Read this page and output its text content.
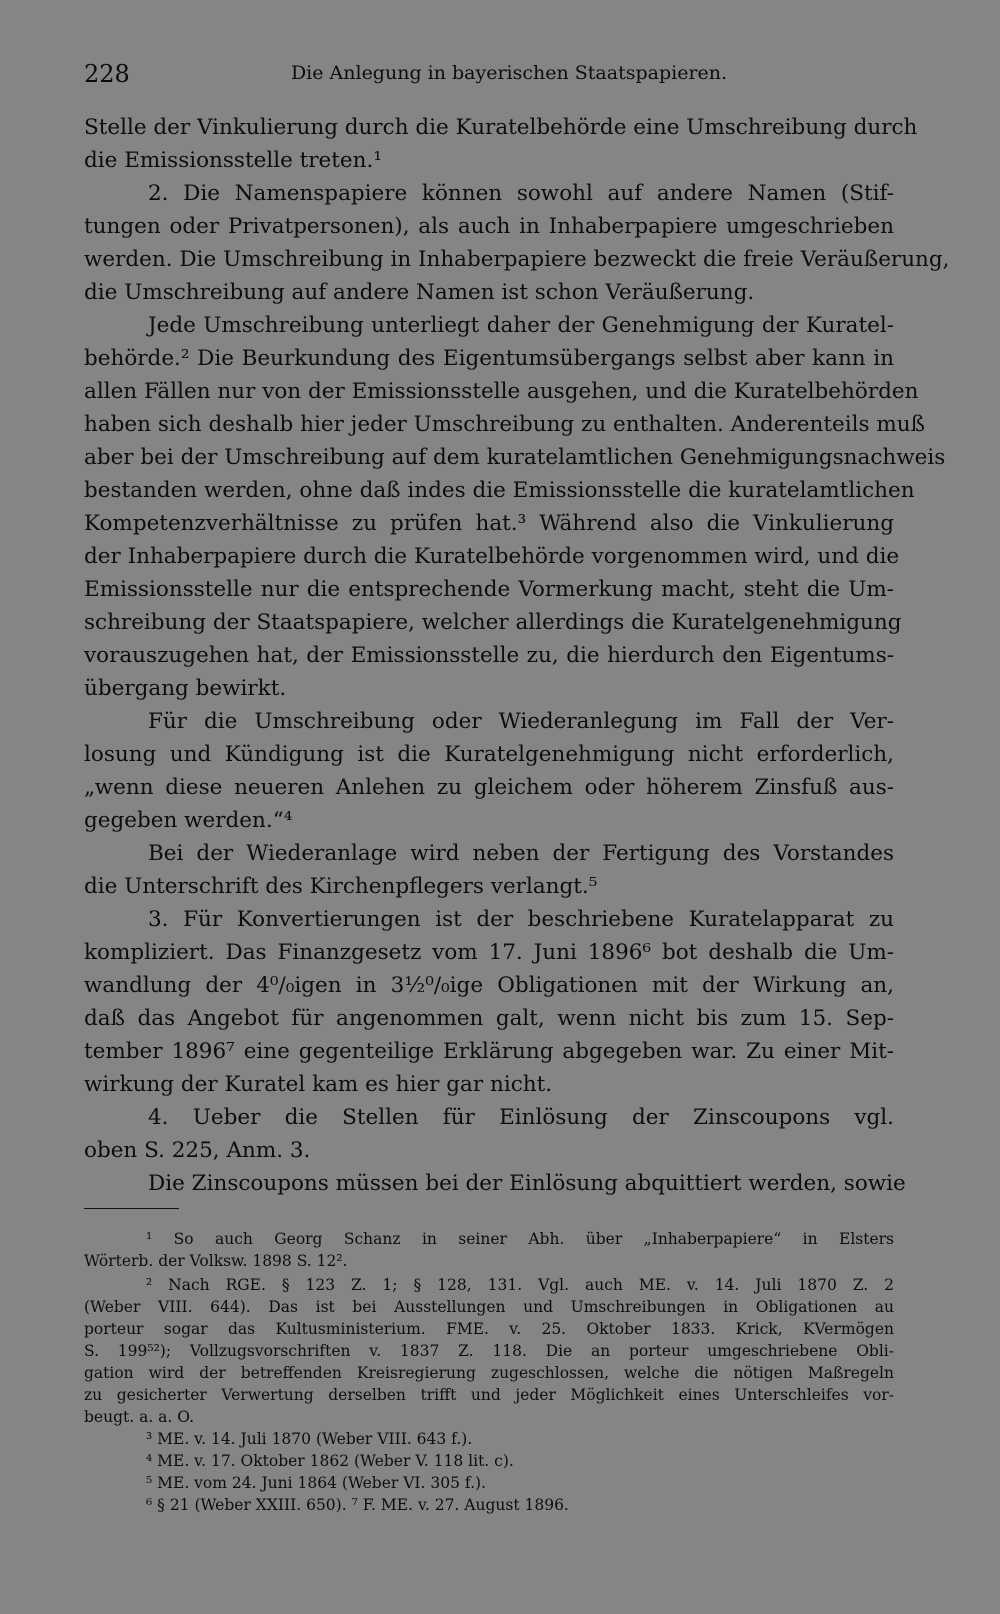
228	Die Anlegung in bayerischen Staatspapieren.
Stelle der Vinkulierung durch die Kuratelbehörde eine Umschreibung durch
die Emissionsstelle treten.¹
2. Die Namenspapiere können sowohl auf andere Namen (Stif-
tungen oder Privatpersonen), als auch in Inhaberpapiere umgeschrieben
werden. Die Umschreibung in Inhaberpapiere bezweckt die freie Veräußerung,
die Umschreibung auf andere Namen ist schon Veräußerung.
Jede Umschreibung unterliegt daher der Genehmigung der Kuratel-
behörde.² Die Beurkundung des Eigentumsübergangs selbst aber kann in
allen Fällen nur von der Emissionsstelle ausgehen, und die Kuratelbehörden
haben sich deshalb hier jeder Umschreibung zu enthalten. Anderenteils muß
aber bei der Umschreibung auf dem kuratelamtlichen Genehmigungsnachweis
bestanden werden, ohne daß indes die Emissionsstelle die kuratelamtlichen
Kompetenzverhältnisse zu prüfen hat.³ Während also die Vinkulierung
der Inhaberpapiere durch die Kuratelbehörde vorgenommen wird, und die
Emissionsstelle nur die entsprechende Vormerkung macht, steht die Um-
schreibung der Staatspapiere, welcher allerdings die Kuratelgenehmigung
vorauszugehen hat, der Emissionsstelle zu, die hierdurch den Eigentums-
übergang bewirkt.
Für die Umschreibung oder Wiederanlegung im Fall der Ver-
losung und Kündigung ist die Kuratelgenehmigung nicht erforderlich,
„wenn diese neueren Anlehen zu gleichem oder höherem Zinsfuß aus-
gegeben werden.“⁴
Bei der Wiederanlage wird neben der Fertigung des Vorstandes
die Unterschrift des Kirchenpflegers verlangt.⁵
3. Für Konvertierungen ist der beschriebene Kuratelapparat zu
kompliziert. Das Finanzgesetz vom 17. Juni 1896⁶ bot deshalb die Um-
wandlung der 4⁰/₀igen in 3½⁰/₀ige Obligationen mit der Wirkung an,
daß das Angebot für angenommen galt, wenn nicht bis zum 15. Sep-
tember 1896⁷ eine gegenteilige Erklärung abgegeben war. Zu einer Mit-
wirkung der Kuratel kam es hier gar nicht.
4. Ueber die Stellen für Einlösung der Zinscoupons vgl.
oben S. 225, Anm. 3.
Die Zinscoupons müssen bei der Einlösung abquittiert werden, sowie
¹ So auch Georg Schanz in seiner Abh. über „Inhaberpapiere“ in Elsters
Wörterb. der Volksw. 1898 S. 12².
² Nach RGE. § 123 Z. 1; § 128, 131. Vgl. auch ME. v. 14. Juli 1870 Z. 2
(Weber VIII. 644). Das ist bei Ausstellungen und Umschreibungen in Obligationen au
porteur sogar das Kultusministerium. FME. v. 25. Oktober 1833. Krick, KVermögen
S. 199⁵²); Vollzugsvorschriften v. 1837 Z. 118. Die an porteur umgeschriebene Obli-
gation wird der betreffenden Kreisregierung zugeschlossen, welche die nötigen Maßregeln
zu gesicherter Verwertung derselben trifft und jeder Möglichkeit eines Unterschleifes vor-
beugt. a. a. O.
³ ME. v. 14. Juli 1870 (Weber VIII. 643 f.).
⁴ ME. v. 17. Oktober 1862 (Weber V. 118 lit. c).
⁵ ME. vom 24. Juni 1864 (Weber VI. 305 f.).
⁶ § 21 (Weber XXIII. 650). ⁷ F. ME. v. 27. August 1896.
